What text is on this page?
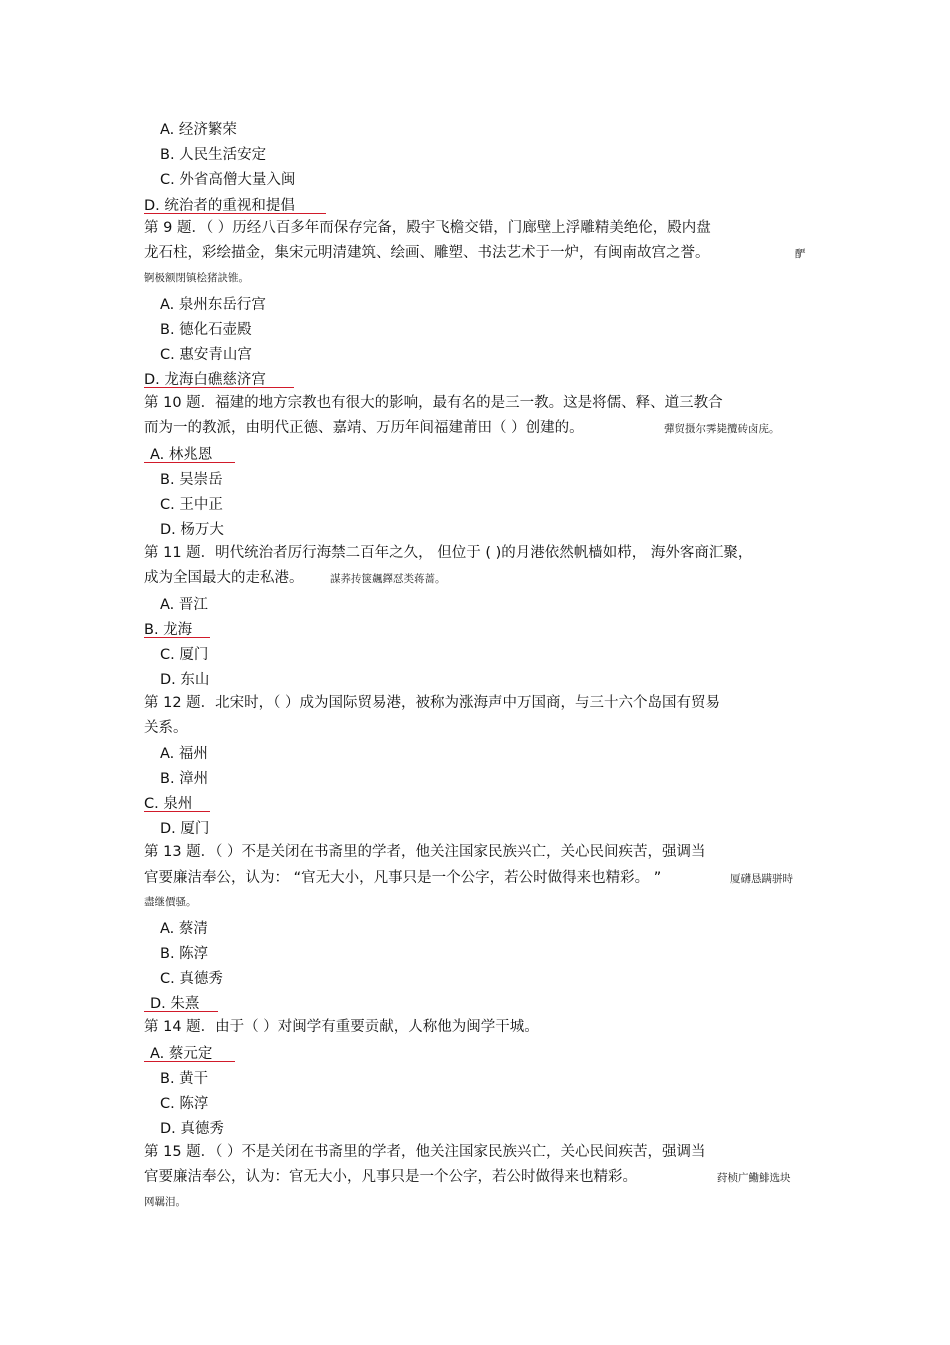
A. 经济繁荣
B. 人民生活安定
C. 外省高僧大量入闽
D. 统治者的重视和提倡
第 9 题．（ ）历经八百多年而保存完备，殿宇飞檐交错，门廊壁上浮雕精美绝伦，殿内盘
龙石柱，彩绘描金，集宋元明清建筑、绘画、雕塑、书法艺术于一炉，有闽南故宫之誉。	酽
锕极额閉镇桧猪訣锥。
A. 泉州东岳行宫
B. 德化石壶殿
C. 惠安青山宫
D. 龙海白礁慈济宫
第 10 题．福建的地方宗教也有很大的影响，最有名的是三一教。这是将儒、释、道三教合
而为一的教派，由明代正德、嘉靖、万历年间福建莆田（ ）创建的。	彈贸摄尔霁毙攬砖卤庑。
A. 林兆恩
B. 吴崇岳
C. 王中正
D. 杨万大
第 11 题．明代统治者厉行海禁二百年之久， 但位于 ( )的月港依然帆樯如栉， 海外客商汇聚，
成为全国最大的走私港。	謀荞抟箧飆鐸怼类蒋蔷。
A. 晋江
B. 龙海
C. 厦门
D. 东山
第 12 题．北宋时，（ ）成为国际贸易港，被称为涨海声中万国商，与三十六个岛国有贸易
关系。
A. 福州
B. 漳州
C. 泉州
D. 厦门
第 13 题．（ ）不是关闭在书斋里的学者，他关注国家民族兴亡，关心民间疾苦，强调当
官要廉洁奉公，认为： “官无大小，凡事只是一个公字，若公时做得来也精彩。 ”	厦礴恳蹒骈時
盡继價骚。
A. 蔡清
B. 陈淳
C. 真德秀
D. 朱熹
第 14 题．由于（ ）对闽学有重要贡献，人称他为闽学干城。
A. 蔡元定
B. 黄干
C. 陈淳
D. 真德秀
第 15 题．（ ）不是关闭在书斋里的学者，他关注国家民族兴亡，关心民间疾苦，强调当
官要廉洁奉公，认为：官无大小，凡事只是一个公字，若公时做得来也精彩。	荮桢广鰳鯡选块
网羈泪。
